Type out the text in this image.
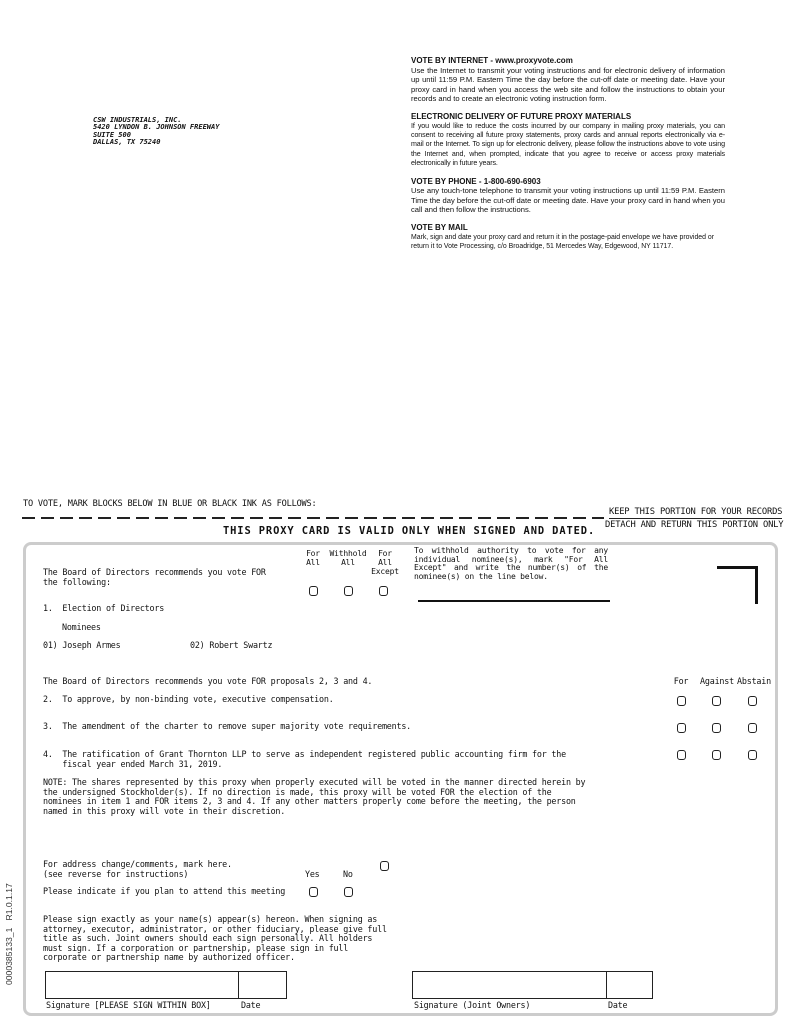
CSW INDUSTRIALS, INC.
5420 LYNDON B. JOHNSON FREEWAY
SUITE 500
DALLAS, TX 75240
VOTE BY INTERNET - www.proxyvote.com
Use the Internet to transmit your voting instructions and for electronic delivery of information up until 11:59 P.M. Eastern Time the day before the cut-off date or meeting date. Have your proxy card in hand when you access the web site and follow the instructions to obtain your records and to create an electronic voting instruction form.
ELECTRONIC DELIVERY OF FUTURE PROXY MATERIALS
If you would like to reduce the costs incurred by our company in mailing proxy materials, you can consent to receiving all future proxy statements, proxy cards and annual reports electronically via e-mail or the Internet. To sign up for electronic delivery, please follow the instructions above to vote using the Internet and, when prompted, indicate that you agree to receive or access proxy materials electronically in future years.
VOTE BY PHONE - 1-800-690-6903
Use any touch-tone telephone to transmit your voting instructions up until 11:59 P.M. Eastern Time the day before the cut-off date or meeting date. Have your proxy card in hand when you call and then follow the instructions.
VOTE BY MAIL
Mark, sign and date your proxy card and return it in the postage-paid envelope we have provided or return it to Vote Processing, c/o Broadridge, 51 Mercedes Way, Edgewood, NY 11717.
TO VOTE, MARK BLOCKS BELOW IN BLUE OR BLACK INK AS FOLLOWS:
KEEP THIS PORTION FOR YOUR RECORDS
DETACH AND RETURN THIS PORTION ONLY
THIS PROXY CARD IS VALID ONLY WHEN SIGNED AND DATED.
For
All
Withhold
All
For All
Except
To withhold authority to vote for any individual nominee(s), mark "For All Except" and write the number(s) of the nominee(s) on the line below.
The Board of Directors recommends you vote FOR the following:
1.  Election of Directors
Nominees
01) Joseph Armes	02) Robert Swartz
The Board of Directors recommends you vote FOR proposals 2, 3 and 4.	For	Against Abstain
2.  To approve, by non-binding vote, executive compensation.
3.  The amendment of the charter to remove super majority vote requirements.
4.  The ratification of Grant Thornton LLP to serve as independent registered public accounting firm for the
fiscal year ended March 31, 2019.
NOTE: The shares represented by this proxy when properly executed will be voted in the manner directed herein by the undersigned Stockholder(s). If no direction is made, this proxy will be voted FOR the election of the nominees in item 1 and FOR items 2, 3 and 4. If any other matters properly come before the meeting, the person named in this proxy will vote in their discretion.
For address change/comments, mark here.
(see reverse for instructions)	Yes	No
Please indicate if you plan to attend this meeting
Please sign exactly as your name(s) appear(s) hereon. When signing as attorney, executor, administrator, or other fiduciary, please give full title as such. Joint owners should each sign personally. All holders must sign. If a corporation or partnership, please sign in full corporate or partnership name by authorized officer.
Signature [PLEASE SIGN WITHIN BOX]	Date	Signature (Joint Owners)	Date
0000385133_1   R1.0.1.17
